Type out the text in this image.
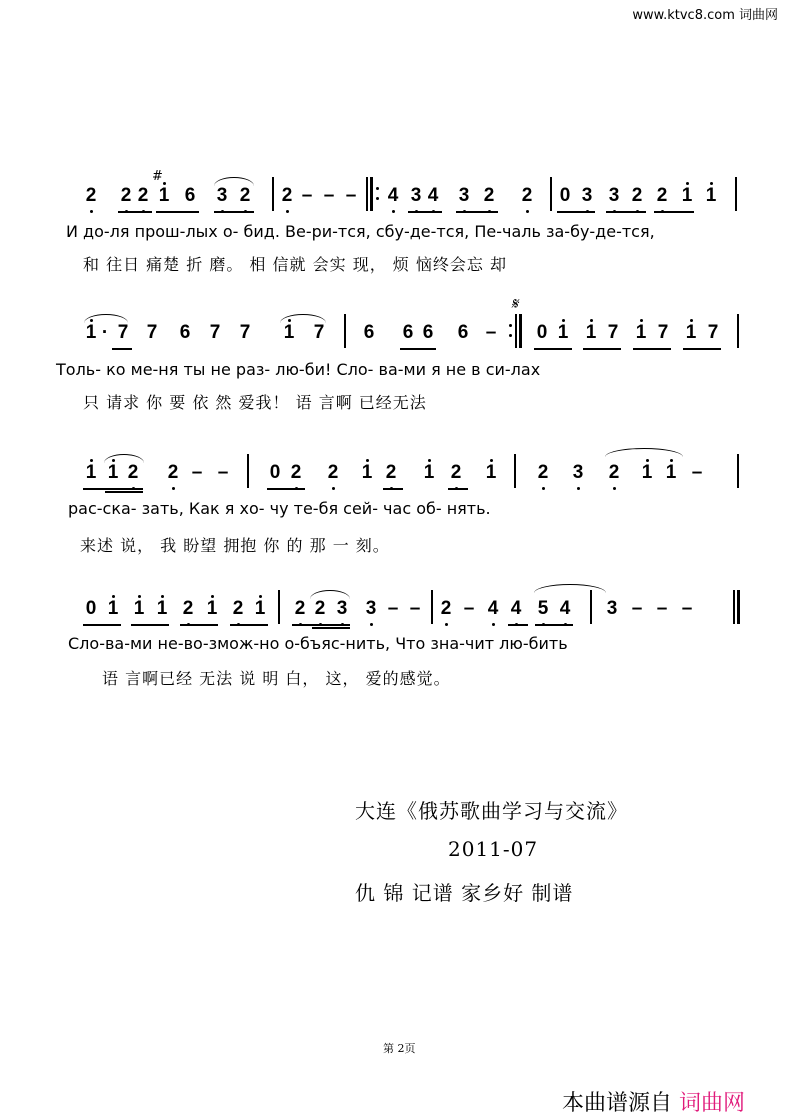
www.ktvc8.com 词曲网
2 2 2
#
1 6 3 2 2 – – – 4 3 4 3 2 2 0 3 3 2 2 1 1
И до-ля прош-лых о- бид. Ве-ри-тся, сбу-де-тся, Пе-чаль за-бу-де-тся,
和 往日 痛楚 折 磨。 相 信就 会实 现， 烦 恼终会忘 却
1 · 7 7 6 7 7 1 7 6 6 6 6 –
𝄋
0 1 1 7 1 7 1 7
Толь- ко ме-ня ты не раз- лю-би! Сло- ва-ми я не в си-лах
只 请求 你 要 依 然 爱我！ 语 言啊 已经无法
1 1 2 2 – – 0 2 2 1 2 1 2 1 2 3 2 1 1 –
рас-ска- зать, Как я хо- чу те-бя сей- час об- нять.
来述 说， 我 盼望 拥抱 你 的 那 一 刻。
0 1 1 1 2 1 2 1 2 2 3 3 – – 2 – 4 4 5 4 3 – – –
Сло-ва-ми не-во-змож-но о-бъяс-нить, Что зна-чит лю-бить
语 言啊已经 无法 说 明 白， 这， 爱的感觉。
大连《俄苏歌曲学习与交流》
2011-07
仇 锦 记谱 家乡好 制谱
第 2页
本曲谱源自 词曲网
